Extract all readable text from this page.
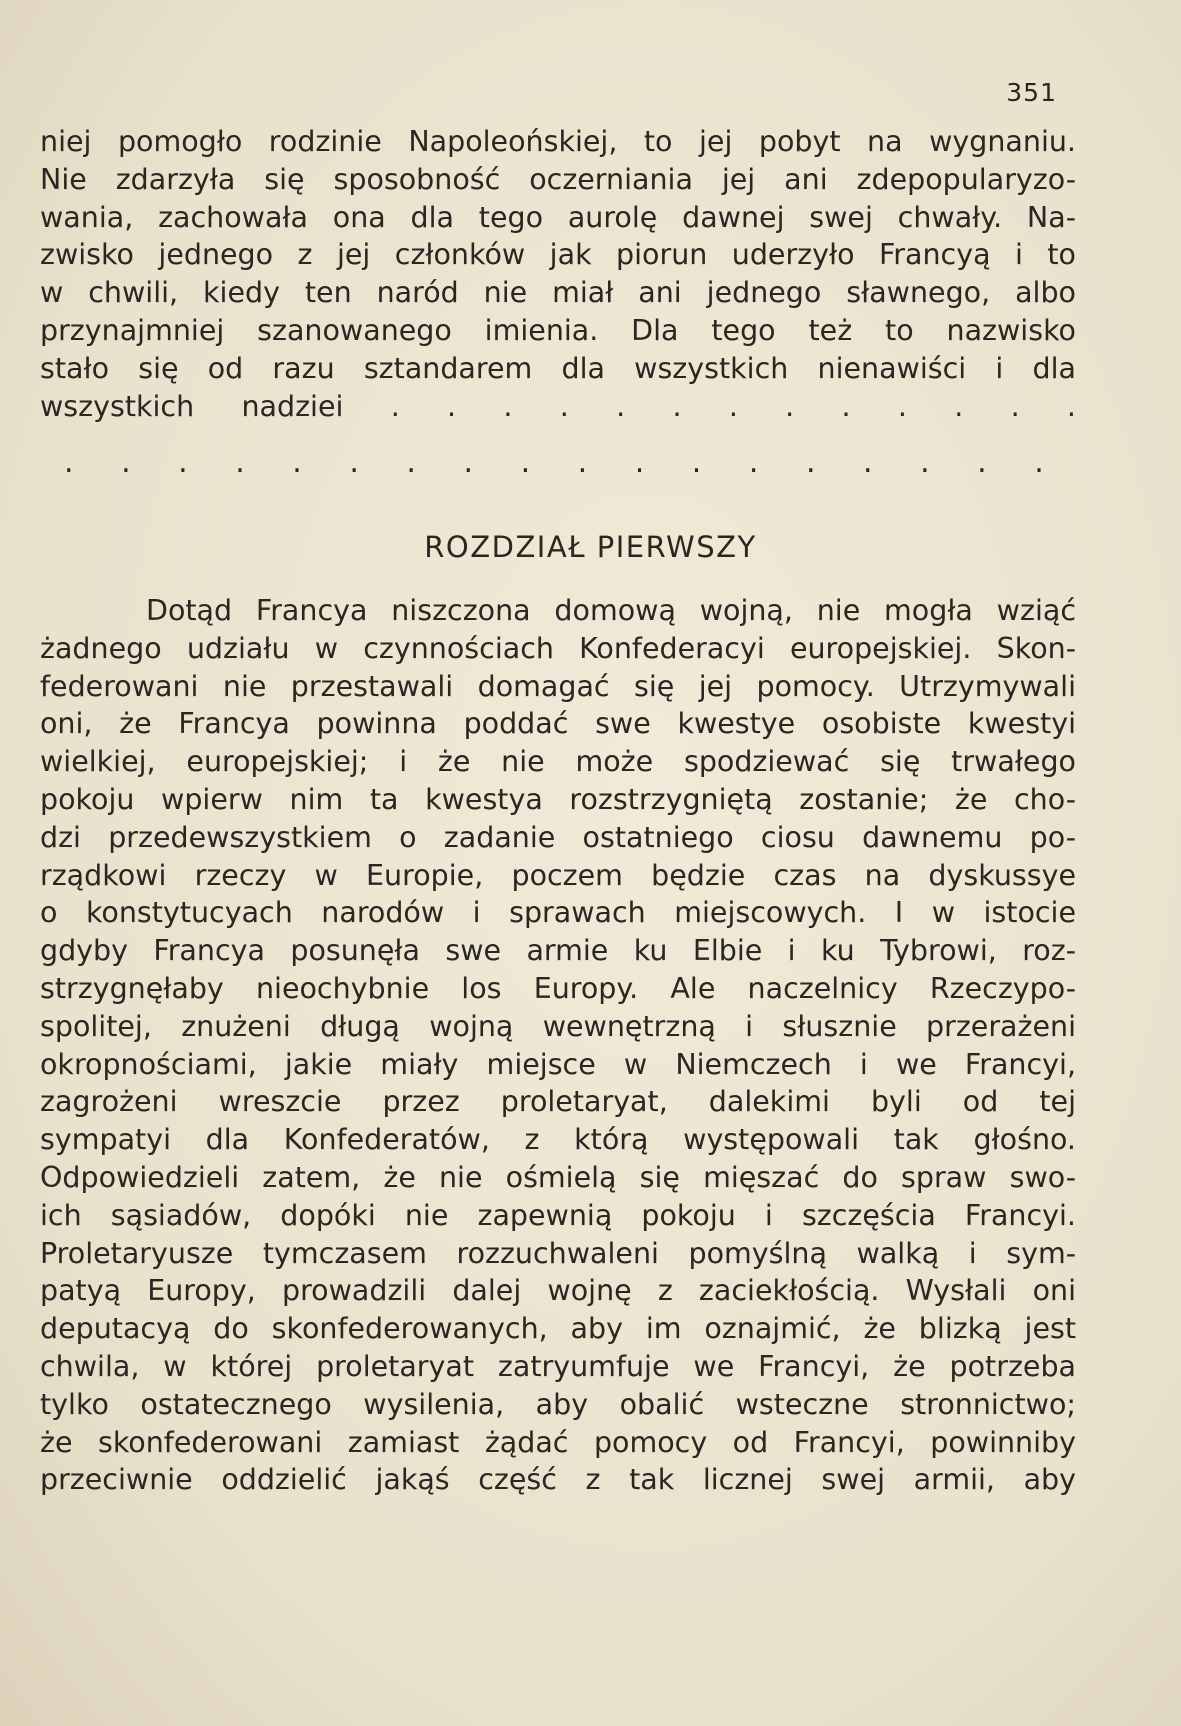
351
niej pomogło rodzinie Napoleońskiej, to jej pobyt na wygnaniu.
Nie zdarzyła się sposobność oczerniania jej ani zdepopularyzo-
wania, zachowała ona dla tego aurolę dawnej swej chwały. Na-
zwisko jednego z jej członków jak piorun uderzyło Francyą i to
w chwili, kiedy ten naród nie miał ani jednego sławnego, albo
przynajmniej szanowanego imienia. Dla tego też to nazwisko
stało się od razu sztandarem dla wszystkich nienawiści i dla
wszystkich nadziei . . . . . . . . . . . . .
. . . . . . . . . . . . . . . . . .
ROZDZIAŁ PIERWSZY
Dotąd Francya niszczona domową wojną, nie mogła wziąć
żadnego udziału w czynnościach Konfederacyi europejskiej. Skon-
federowani nie przestawali domagać się jej pomocy. Utrzymywali
oni, że Francya powinna poddać swe kwestye osobiste kwestyi
wielkiej, europejskiej; i że nie może spodziewać się trwałego
pokoju wpierw nim ta kwestya rozstrzygniętą zostanie; że cho-
dzi przedewszystkiem o zadanie ostatniego ciosu dawnemu po-
rządkowi rzeczy w Europie, poczem będzie czas na dyskussye
o konstytucyach narodów i sprawach miejscowych. I w istocie
gdyby Francya posunęła swe armie ku Elbie i ku Tybrowi, roz-
strzygnęłaby nieochybnie los Europy. Ale naczelnicy Rzeczypo-
spolitej, znużeni długą wojną wewnętrzną i słusznie przerażeni
okropnościami, jakie miały miejsce w Niemczech i we Francyi,
zagrożeni wreszcie przez proletaryat, dalekimi byli od tej
sympatyi dla Konfederatów, z którą występowali tak głośno.
Odpowiedzieli zatem, że nie ośmielą się mięszać do spraw swo-
ich sąsiadów, dopóki nie zapewnią pokoju i szczęścia Francyi.
Proletaryusze tymczasem rozzuchwaleni pomyślną walką i sym-
patyą Europy, prowadzili dalej wojnę z zaciekłością. Wysłali oni
deputacyą do skonfederowanych, aby im oznajmić, że blizką jest
chwila, w której proletaryat zatryumfuje we Francyi, że potrzeba
tylko ostatecznego wysilenia, aby obalić wsteczne stronnictwo;
że skonfederowani zamiast żądać pomocy od Francyi, powinniby
przeciwnie oddzielić jakąś część z tak licznej swej armii, aby
